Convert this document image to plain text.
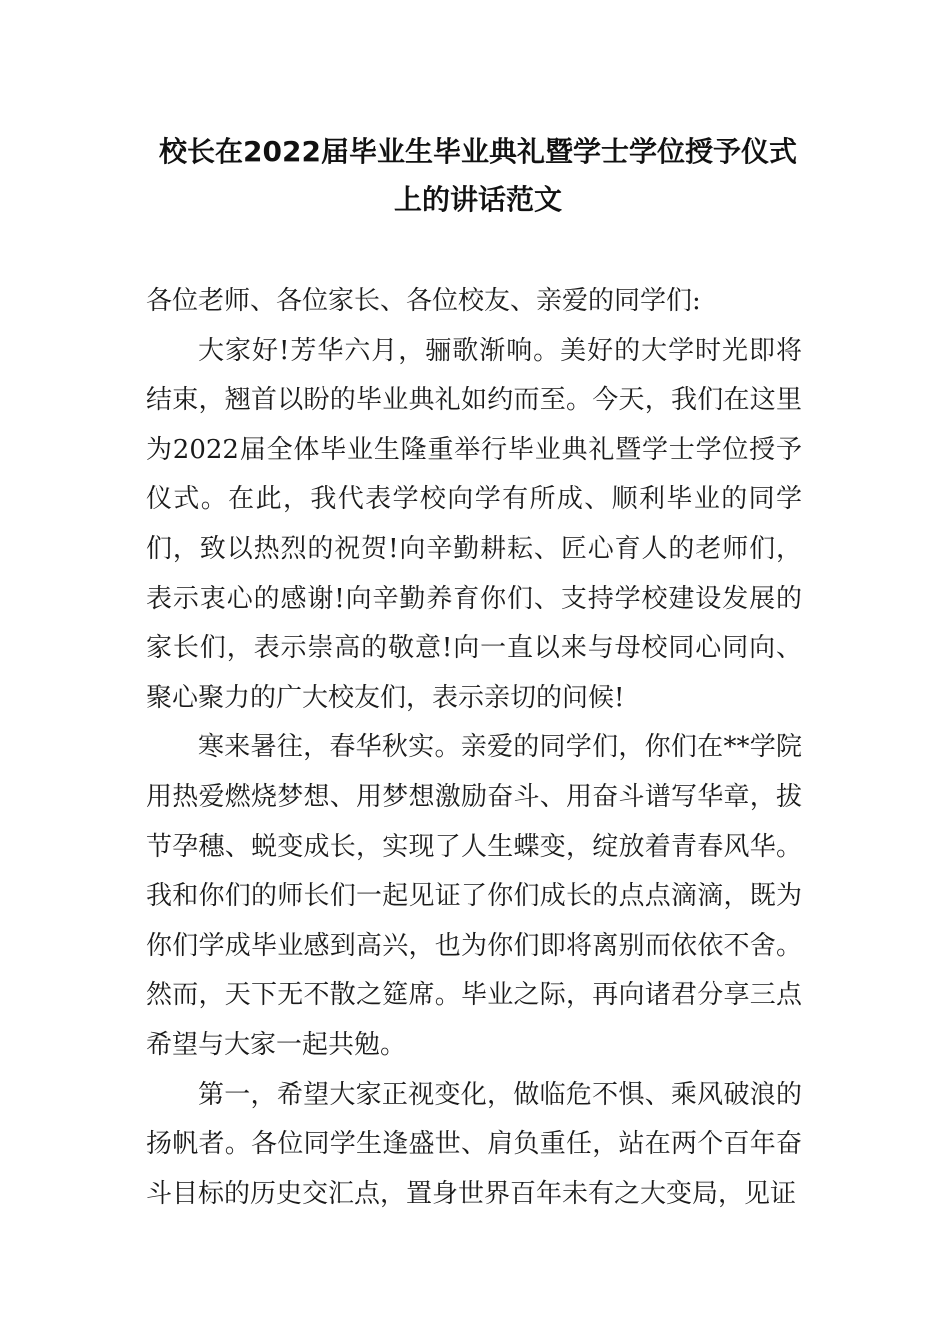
校长在2022届毕业生毕业典礼暨学士学位授予仪式
上的讲话范文

各位老师、各位家长、各位校友、亲爱的同学们:

大家好!芳华六月，骊歌渐响。美好的大学时光即将结束，翘首以盼的毕业典礼如约而至。今天，我们在这里为2022届全体毕业生隆重举行毕业典礼暨学士学位授予仪式。在此，我代表学校向学有所成、顺利毕业的同学们，致以热烈的祝贺!向辛勤耕耘、匠心育人的老师们，表示衷心的感谢!向辛勤养育你们、支持学校建设发展的家长们，表示崇高的敬意!向一直以来与母校同心同向、聚心聚力的广大校友们，表示亲切的问候!

寒来暑往，春华秋实。亲爱的同学们，你们在**学院用热爱燃烧梦想、用梦想激励奋斗、用奋斗谱写华章，拔节孕穗、蜕变成长，实现了人生蝶变，绽放着青春风华。我和你们的师长们一起见证了你们成长的点点滴滴，既为你们学成毕业感到高兴，也为你们即将离别而依依不舍。然而，天下无不散之筵席。毕业之际，再向诸君分享三点希望与大家一起共勉。

第一，希望大家正视变化，做临危不惧、乘风破浪的扬帆者。各位同学生逢盛世、肩负重任，站在两个百年奋斗目标的历史交汇点，置身世界百年未有之大变局，见证
